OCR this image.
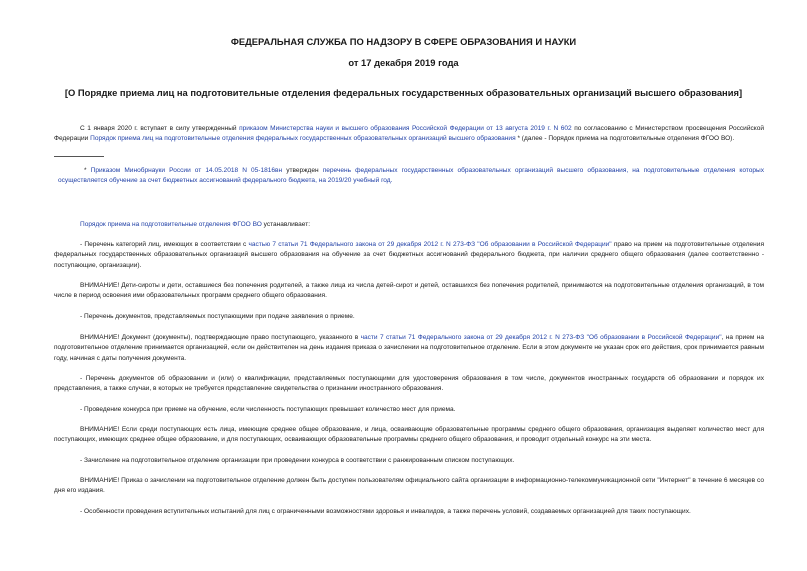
ФЕДЕРАЛЬНАЯ СЛУЖБА ПО НАДЗОРУ В СФЕРЕ ОБРАЗОВАНИЯ И НАУКИ
от 17 декабря 2019 года
[О Порядке приема лиц на подготовительные отделения федеральных государственных образовательных организаций высшего образования]
С 1 января 2020 г. вступает в силу утвержденный приказом Министерства науки и высшего образования Российской Федерации от 13 августа 2019 г. N 602 по согласованию с Министерством просвещения Российской Федерации Порядок приема лиц на подготовительные отделения федеральных государственных образовательных организаций высшего образования * (далее - Порядок приема на подготовительные отделения ФГОО ВО).
* Приказом Минобрнауки России от 14.05.2018 N 05-1816вн утвержден перечень федеральных государственных образовательных организаций высшего образования, на подготовительные отделения которых осуществляется обучение за счет бюджетных ассигнований федерального бюджета, на 2019/20 учебный год.
Порядок приема на подготовительные отделения ФГОО ВО устанавливает:
- Перечень категорий лиц, имеющих в соответствии с частью 7 статьи 71 Федерального закона от 29 декабря 2012 г. N 273-ФЗ "Об образовании в Российской Федерации" право на прием на подготовительные отделения федеральных государственных образовательных организаций высшего образования на обучение за счет бюджетных ассигнований федерального бюджета, при наличии среднего общего образования (далее соответственно - поступающие, организации).
ВНИМАНИЕ! Дети-сироты и дети, оставшиеся без попечения родителей, а также лица из числа детей-сирот и детей, оставшихся без попечения родителей, принимаются на подготовительные отделения организаций, в том числе в период освоения ими образовательных программ среднего общего образования.
- Перечень документов, представляемых поступающими при подаче заявления о приеме.
ВНИМАНИЕ! Документ (документы), подтверждающие право поступающего, указанного в части 7 статьи 71 Федерального закона от 29 декабря 2012 г. N 273-ФЗ "Об образовании в Российской Федерации", на прием на подготовительное отделение принимается организацией, если он действителен на день издания приказа о зачислении на подготовительное отделение. Если в этом документе не указан срок его действия, срок принимается равным году, начиная с даты получения документа.
- Перечень документов об образовании и (или) о квалификации, представляемых поступающими для удостоверения образования в том числе, документов иностранных государств об образовании и порядок их представления, а также случаи, в которых не требуется представление свидетельства о признании иностранного образования.
- Проведение конкурса при приеме на обучение, если численность поступающих превышает количество мест для приема.
ВНИМАНИЕ! Если среди поступающих есть лица, имеющие среднее общее образование, и лица, осваивающие образовательные программы среднего общего образования, организация выделяет количество мест для поступающих, имеющих среднее общее образование, и для поступающих, осваивающих образовательные программы среднего общего образования, и проводит отдельный конкурс на эти места.
- Зачисление на подготовительное отделение организации при проведении конкурса в соответствии с ранжированным списком поступающих.
ВНИМАНИЕ! Приказ о зачислении на подготовительное отделение должен быть доступен пользователям официального сайта организации в информационно-телекоммуникационной сети "Интернет" в течение 6 месяцев со дня его издания.
- Особенности проведения вступительных испытаний для лиц с ограниченными возможностями здоровья и инвалидов, а также перечень условий, создаваемых организацией для таких поступающих.
